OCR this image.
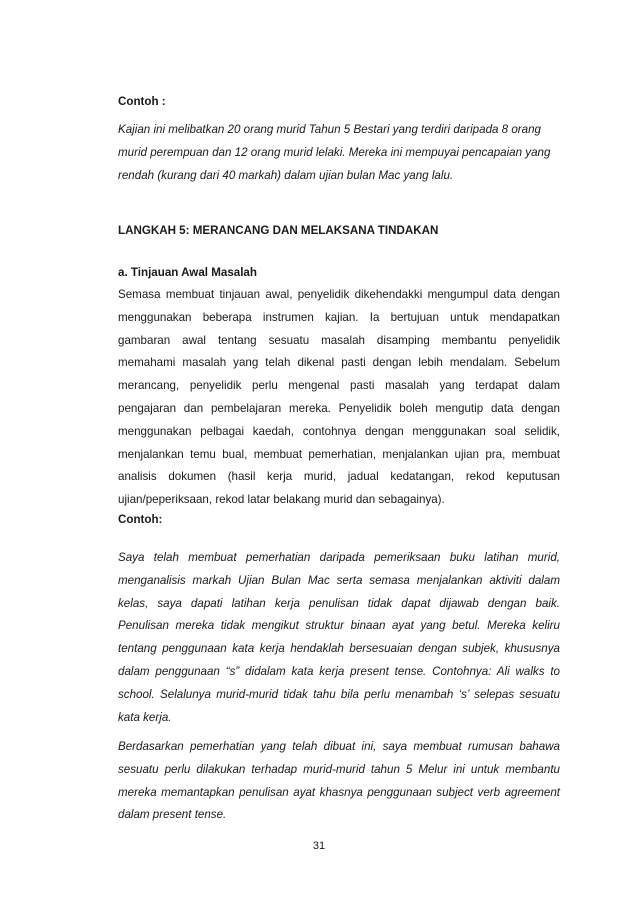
Contoh :

Kajian ini melibatkan 20 orang murid Tahun 5 Bestari yang terdiri daripada 8 orang
murid perempuan dan 12 orang murid lelaki. Mereka ini mempuyai pencapaian yang
rendah (kurang dari 40 markah) dalam ujian bulan Mac yang lalu.

LANGKAH 5: MERANCANG DAN MELAKSANA TINDAKAN

a. Tinjauan Awal Masalah

Semasa membuat tinjauan awal, penyelidik dikehendakki mengumpul data dengan
menggunakan beberapa instrumen kajian. Ia bertujuan untuk mendapatkan
gambaran awal tentang sesuatu masalah disamping membantu penyelidik
memahami masalah yang telah dikenal pasti dengan lebih mendalam. Sebelum
merancang, penyelidik perlu mengenal pasti masalah yang terdapat dalam
pengajaran dan pembelajaran mereka. Penyelidik boleh mengutip data dengan
menggunakan pelbagai kaedah, contohnya dengan menggunakan soal selidik,
menjalankan temu bual, membuat pemerhatian, menjalankan ujian pra, membuat
analisis dokumen (hasil kerja murid, jadual kedatangan, rekod keputusan
ujian/peperiksaan, rekod latar belakang murid dan sebagainya).

Contoh:

Saya telah membuat pemerhatian daripada pemeriksaan buku latihan murid,
menganalisis markah Ujian Bulan Mac serta semasa menjalankan aktiviti dalam
kelas, saya dapati latihan kerja penulisan tidak dapat dijawab dengan baik.
Penulisan mereka tidak mengikut struktur binaan ayat yang betul. Mereka keliru
tentang penggunaan kata kerja hendaklah bersesuaian dengan subjek, khususnya
dalam penggunaan “s” didalam kata kerja present tense. Contohnya: Ali walks to
school. Selalunya murid-murid tidak tahu bila perlu menambah ‘s’ selepas sesuatu
kata kerja.
Berdasarkan pemerhatian yang telah dibuat ini, saya membuat rumusan bahawa
sesuatu perlu dilakukan terhadap murid-murid tahun 5 Melur ini untuk membantu
mereka memantapkan penulisan ayat khasnya penggunaan subject verb agreement
dalam present tense.
31
